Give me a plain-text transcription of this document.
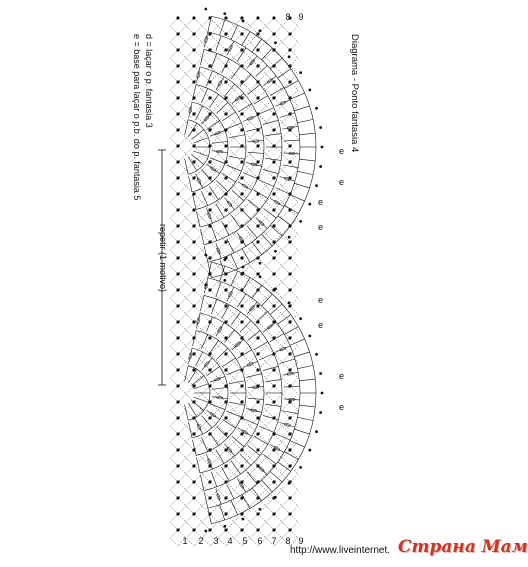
Diagrama - Ponto fantasia 4
d = laçar o p. fantasia 3
e = base para laçar o p.b. do p. fantasia 5
repetir (1 motivo)
1 2 3 4 5 6 7 8 9
9
8
e
e
e
e
e
e
e
e
http://www.liveinternet. Страна Мам
